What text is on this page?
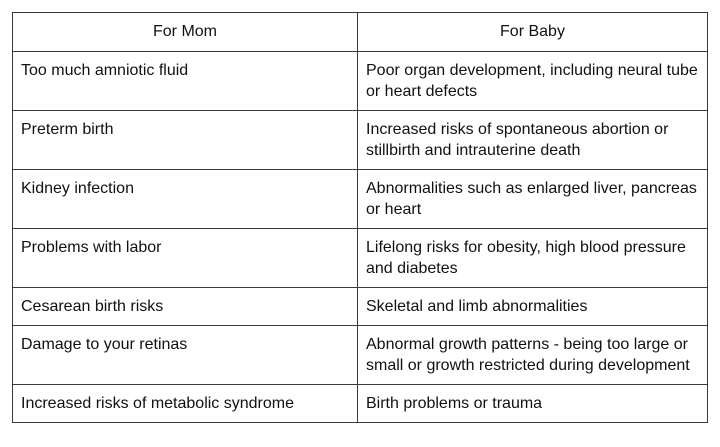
For Mom	For Baby
Too much amniotic fluid	Poor organ development, including neural tube or heart defects
Preterm birth	Increased risks of spontaneous abortion or stillbirth and intrauterine death
Kidney infection	Abnormalities such as enlarged liver, pancreas or heart
Problems with labor	Lifelong risks for obesity, high blood pressure and diabetes
Cesarean birth risks	Skeletal and limb abnormalities
Damage to your retinas	Abnormal growth patterns - being too large or small or growth restricted during development
Increased risks of metabolic syndrome	Birth problems or trauma
